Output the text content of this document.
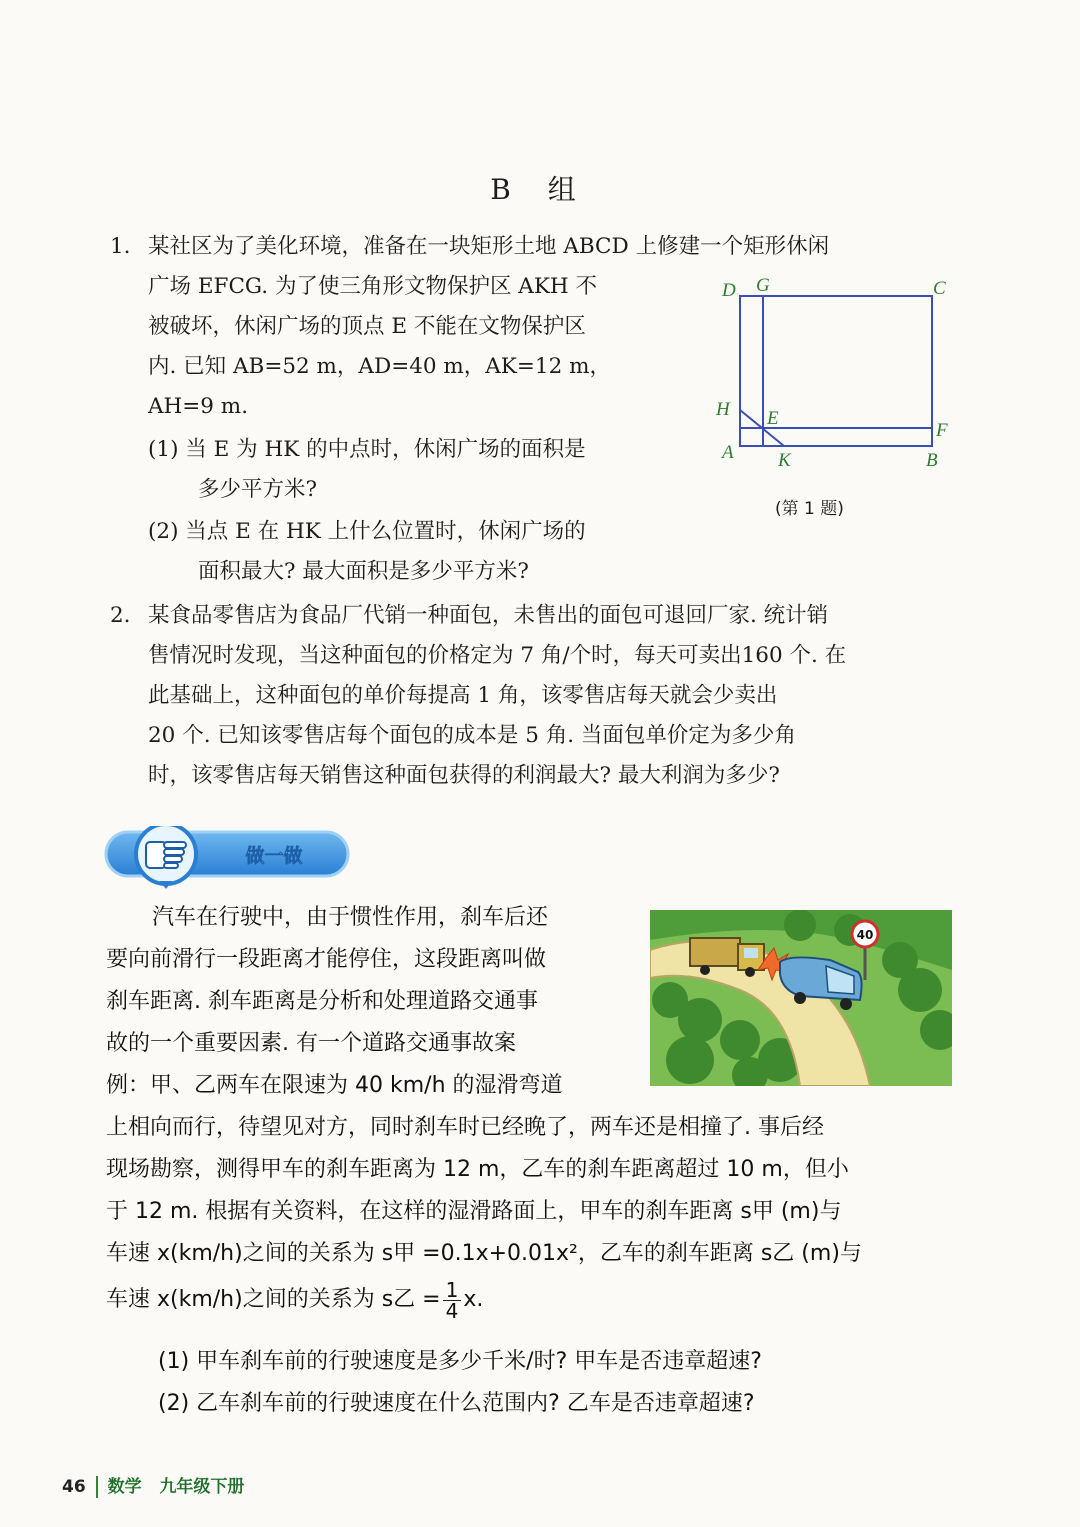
B 组
1. 某社区为了美化环境，准备在一块矩形土地 ABCD 上修建一个矩形休闲
广场 EFCG. 为了使三角形文物保护区 AKH 不
被破坏，休闲广场的顶点 E 不能在文物保护区
内. 已知 AB=52 m，AD=40 m，AK=12 m，
AH=9 m.
(1) 当 E 为 HK 的中点时，休闲广场的面积是
多少平方米?
(2) 当点 E 在 HK 上什么位置时，休闲广场的
面积最大? 最大面积是多少平方米?
D G	C
H E
F
A K	B
(第 1 题)
2. 某食品零售店为食品厂代销一种面包，未售出的面包可退回厂家. 统计销
售情况时发现，当这种面包的价格定为 7 角/个时，每天可卖出160 个. 在
此基础上，这种面包的单价每提高 1 角，该零售店每天就会少卖出
20 个. 已知该零售店每个面包的成本是 5 角. 当面包单价定为多少角
时，该零售店每天销售这种面包获得的利润最大? 最大利润为多少?
做一做
汽车在行驶中，由于惯性作用，刹车后还
要向前滑行一段距离才能停住，这段距离叫做
刹车距离. 刹车距离是分析和处理道路交通事
故的一个重要因素. 有一个道路交通事故案
例：甲、乙两车在限速为 40 km/h 的湿滑弯道
上相向而行，待望见对方，同时刹车时已经晚了，两车还是相撞了. 事后经
现场勘察，测得甲车的刹车距离为 12 m，乙车的刹车距离超过 10 m，但小
于 12 m. 根据有关资料，在这样的湿滑路面上，甲车的刹车距离 s甲 (m)与
车速 x(km/h)之间的关系为 s甲 =0.1x+0.01x²，乙车的刹车距离 s乙 (m)与
车速 x(km/h)之间的关系为 s乙 = $\frac{1}{4} x$.
(1) 甲车刹车前的行驶速度是多少千米/时? 甲车是否违章超速?
(2) 乙车刹车前的行驶速度在什么范围内? 乙车是否违章超速?
40
46 数学 九年级下册
